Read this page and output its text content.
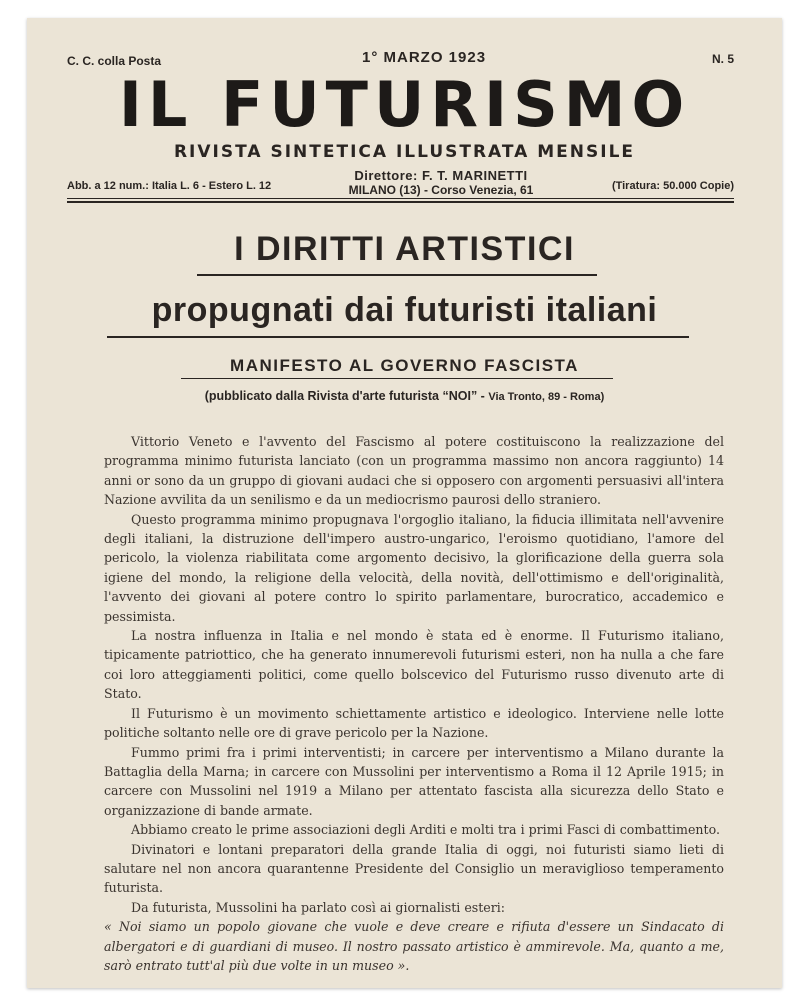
C. C. colla Posta	1° MARZO 1923	N. 5
IL FUTURISMO
RIVISTA SINTETICA ILLUSTRATA MENSILE
Abb. a 12 num.: Italia L. 6 - Estero L. 12
Direttore: F. T. MARINETTI
MILANO (13) - Corso Venezia, 61	(Tiratura: 50.000 Copie)
I DIRITTI ARTISTICI
propugnati dai futuristi italiani
MANIFESTO AL GOVERNO FASCISTA
(pubblicato dalla Rivista d'arte futurista “NOI” - Via Tronto, 89 - Roma)

Vittorio Veneto e l'avvento del Fascismo al potere costituiscono la realizzazione del programma minimo futurista lanciato (con un programma massimo non ancora raggiunto) 14 anni or sono da un gruppo di giovani audaci che si opposero con argomenti persuasivi all'intera Nazione avvilita da un senilismo e da un mediocrismo paurosi dello straniero.

Questo programma minimo propugnava l'orgoglio italiano, la fiducia illimitata nell'avvenire degli italiani, la distruzione dell'impero austro-ungarico, l'eroismo quotidiano, l'amore del pericolo, la violenza riabilitata come argomento decisivo, la glorificazione della guerra sola igiene del mondo, la religione della velocità, della novità, dell'ottimismo e dell'originalità, l'avvento dei giovani al potere contro lo spirito parlamentare, burocratico, accademico e pessimista.

La nostra influenza in Italia e nel mondo è stata ed è enorme. Il Futurismo italiano, tipicamente patriottico, che ha generato innumerevoli futurismi esteri, non ha nulla a che fare coi loro atteggiamenti politici, come quello bolscevico del Futurismo russo divenuto arte di Stato.

Il Futurismo è un movimento schiettamente artistico e ideologico. Interviene nelle lotte politiche soltanto nelle ore di grave pericolo per la Nazione.

Fummo primi fra i primi interventisti; in carcere per interventismo a Milano durante la Battaglia della Marna; in carcere con Mussolini per interventismo a Roma il 12 Aprile 1915; in carcere con Mussolini nel 1919 a Milano per attentato fascista alla sicurezza dello Stato e organizzazione di bande armate.

Abbiamo creato le prime associazioni degli Arditi e molti tra i primi Fasci di combattimento.

Divinatori e lontani preparatori della grande Italia di oggi, noi futuristi siamo lieti di salutare nel non ancora quarantenne Presidente del Consiglio un meraviglioso temperamento futurista.

Da futurista, Mussolini ha parlato così ai giornalisti esteri:

« Noi siamo un popolo giovane che vuole e deve creare e rifiuta d'essere un Sindacato di albergatori e di guardiani di museo. Il nostro passato artistico è ammirevole. Ma, quanto a me, sarò entrato tutt'al più due volte in un museo ».
